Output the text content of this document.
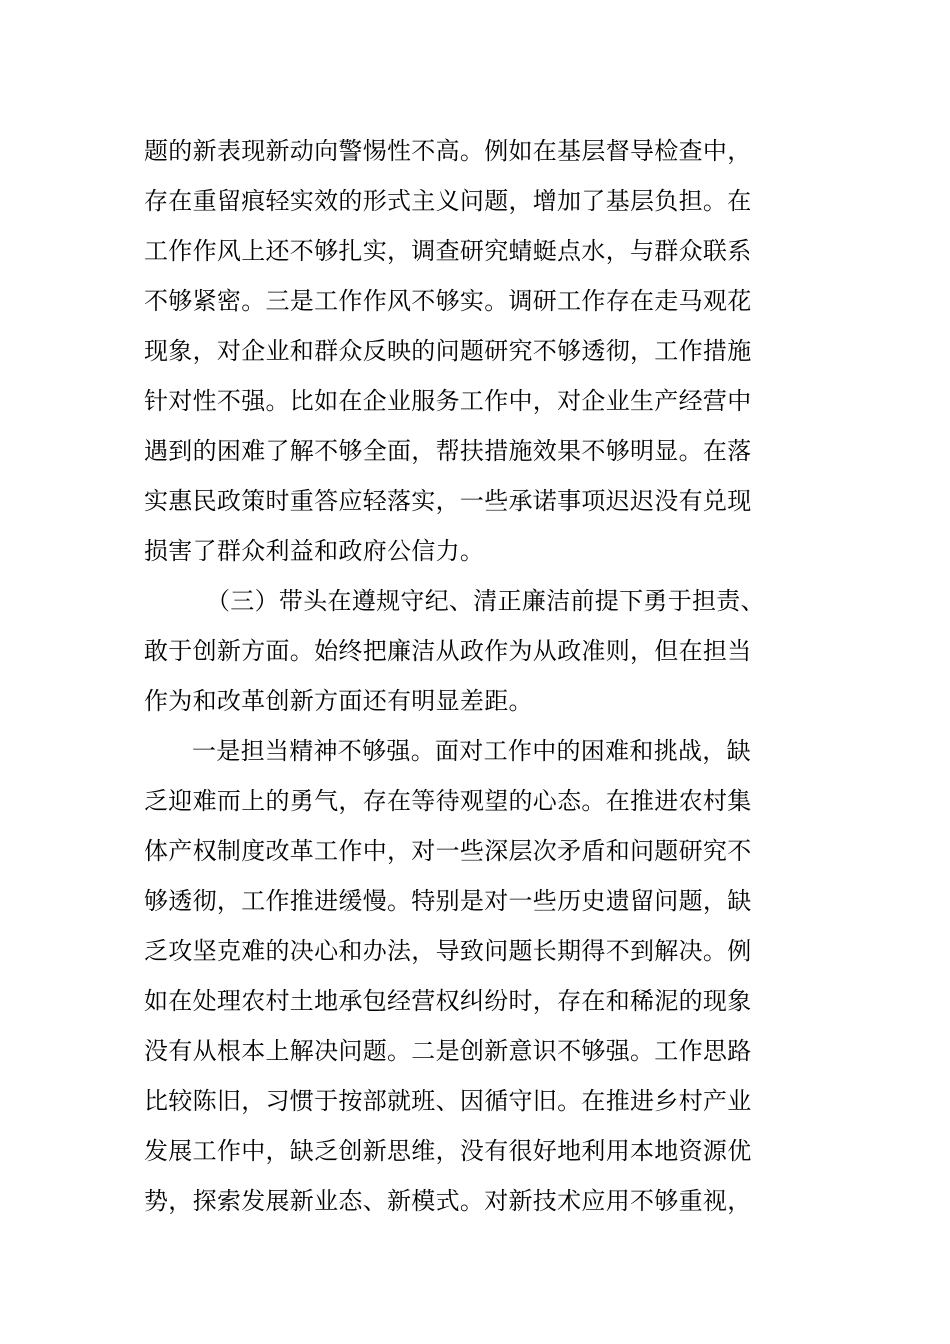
题的新表现新动向警惕性不高。例如在基层督导检查中，
存在重留痕轻实效的形式主义问题，增加了基层负担。在
工作作风上还不够扎实，调查研究蜻蜓点水，与群众联系
不够紧密。三是工作作风不够实。调研工作存在走马观花
现象，对企业和群众反映的问题研究不够透彻，工作措施
针对性不强。比如在企业服务工作中，对企业生产经营中
遇到的困难了解不够全面，帮扶措施效果不够明显。在落
实惠民政策时重答应轻落实，一些承诺事项迟迟没有兑现
损害了群众利益和政府公信力。
（三）带头在遵规守纪、清正廉洁前提下勇于担责、
敢于创新方面。始终把廉洁从政作为从政准则，但在担当
作为和改革创新方面还有明显差距。
一是担当精神不够强。面对工作中的困难和挑战，缺
乏迎难而上的勇气，存在等待观望的心态。在推进农村集
体产权制度改革工作中，对一些深层次矛盾和问题研究不
够透彻，工作推进缓慢。特别是对一些历史遗留问题，缺
乏攻坚克难的决心和办法，导致问题长期得不到解决。例
如在处理农村土地承包经营权纠纷时，存在和稀泥的现象
没有从根本上解决问题。二是创新意识不够强。工作思路
比较陈旧，习惯于按部就班、因循守旧。在推进乡村产业
发展工作中，缺乏创新思维，没有很好地利用本地资源优
势，探索发展新业态、新模式。对新技术应用不够重视，
